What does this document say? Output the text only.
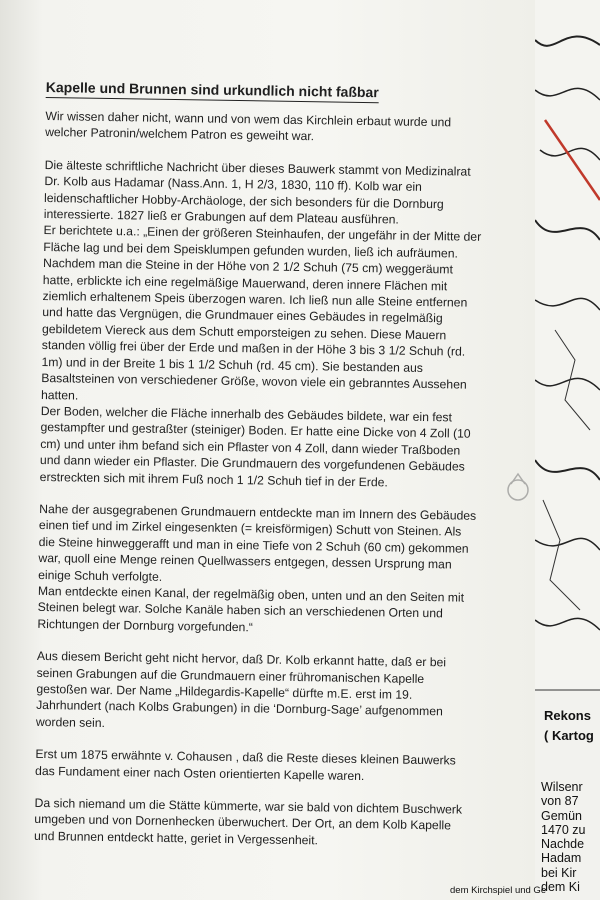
Kapelle und Brunnen sind urkundlich nicht faßbar

Wir wissen daher nicht, wann und von wem das Kirchlein erbaut wurde und welcher Patronin/welchem Patron es geweiht war.

Die älteste schriftliche Nachricht über dieses Bauwerk stammt von Medizinalrat Dr. Kolb aus Hadamar (Nass.Ann. 1, H 2/3, 1830, 110 ff). Kolb war ein leidenschaftlicher Hobby-Archäologe, der sich besonders für die Dornburg interessierte. 1827 ließ er Grabungen auf dem Plateau ausführen.
Er berichtete u.a.: „Einen der größeren Steinhaufen, der ungefähr in der Mitte der Fläche lag und bei dem Speisklumpen gefunden wurden, ließ ich aufräumen. Nachdem man die Steine in der Höhe von 2 1/2 Schuh (75 cm) weggeräumt hatte, erblickte ich eine regelmäßige Mauerwand, deren innere Flächen mit ziemlich erhaltenem Speis überzogen waren. Ich ließ nun alle Steine entfernen und hatte das Vergnügen, die Grundmauer eines Gebäudes in regelmäßig gebildetem Viereck aus dem Schutt emporsteigen zu sehen. Diese Mauern standen völlig frei über der Erde und maßen in der Höhe 3 bis 3 1/2 Schuh (rd. 1m) und in der Breite 1 bis 1 1/2 Schuh (rd. 45 cm). Sie bestanden aus Basaltsteinen von verschiedener Größe, wovon viele ein gebranntes Aussehen hatten.
Der Boden, welcher die Fläche innerhalb des Gebäudes bildete, war ein fest gestampfter und gestraßter (steiniger) Boden. Er hatte eine Dicke von 4 Zoll (10 cm) und unter ihm befand sich ein Pflaster von 4 Zoll, dann wieder Traßboden und dann wieder ein Pflaster. Die Grundmauern des vorgefundenen Gebäudes erstreckten sich mit ihrem Fuß noch 1 1/2 Schuh tief in der Erde.

Nahe der ausgegrabenen Grundmauern entdeckte man im Innern des Gebäudes einen tief und im Zirkel eingesenkten (= kreisförmigen) Schutt von Steinen. Als die Steine hinweggerafft und man in eine Tiefe von 2 Schuh (60 cm) gekommen war, quoll eine Menge reinen Quellwassers entgegen, dessen Ursprung man einige Schuh verfolgte.
Man entdeckte einen Kanal, der regelmäßig oben, unten und an den Seiten mit Steinen belegt war. Solche Kanäle haben sich an verschiedenen Orten und Richtungen der Dornburg vorgefunden.“

Aus diesem Bericht geht nicht hervor, daß Dr. Kolb erkannt hatte, daß er bei seinen Grabungen auf die Grundmauern einer frühromanischen Kapelle gestoßen war. Der Name „Hildegardis-Kapelle“ dürfte m.E. erst im 19. Jahrhundert (nach Kolbs Grabungen) in die ‘Dornburg-Sage’ aufgenommen worden sein.

Erst um 1875 erwähnte v. Cohausen , daß die Reste dieses kleinen Bauwerks das Fundament einer nach Osten orientierten Kapelle waren.

Da sich niemand um die Stätte kümmerte, war sie bald von dichtem Buschwerk umgeben und von Dornenhecken überwuchert. Der Ort, an dem Kolb Kapelle und Brunnen entdeckt hatte, geriet in Vergessenheit.

Rekons
( Kartog
Wilsenr
von 87
Gemün
1470 zu
Nachde
Hadam
bei Kir
dem Ki
dem Kirchspiel und Ge
